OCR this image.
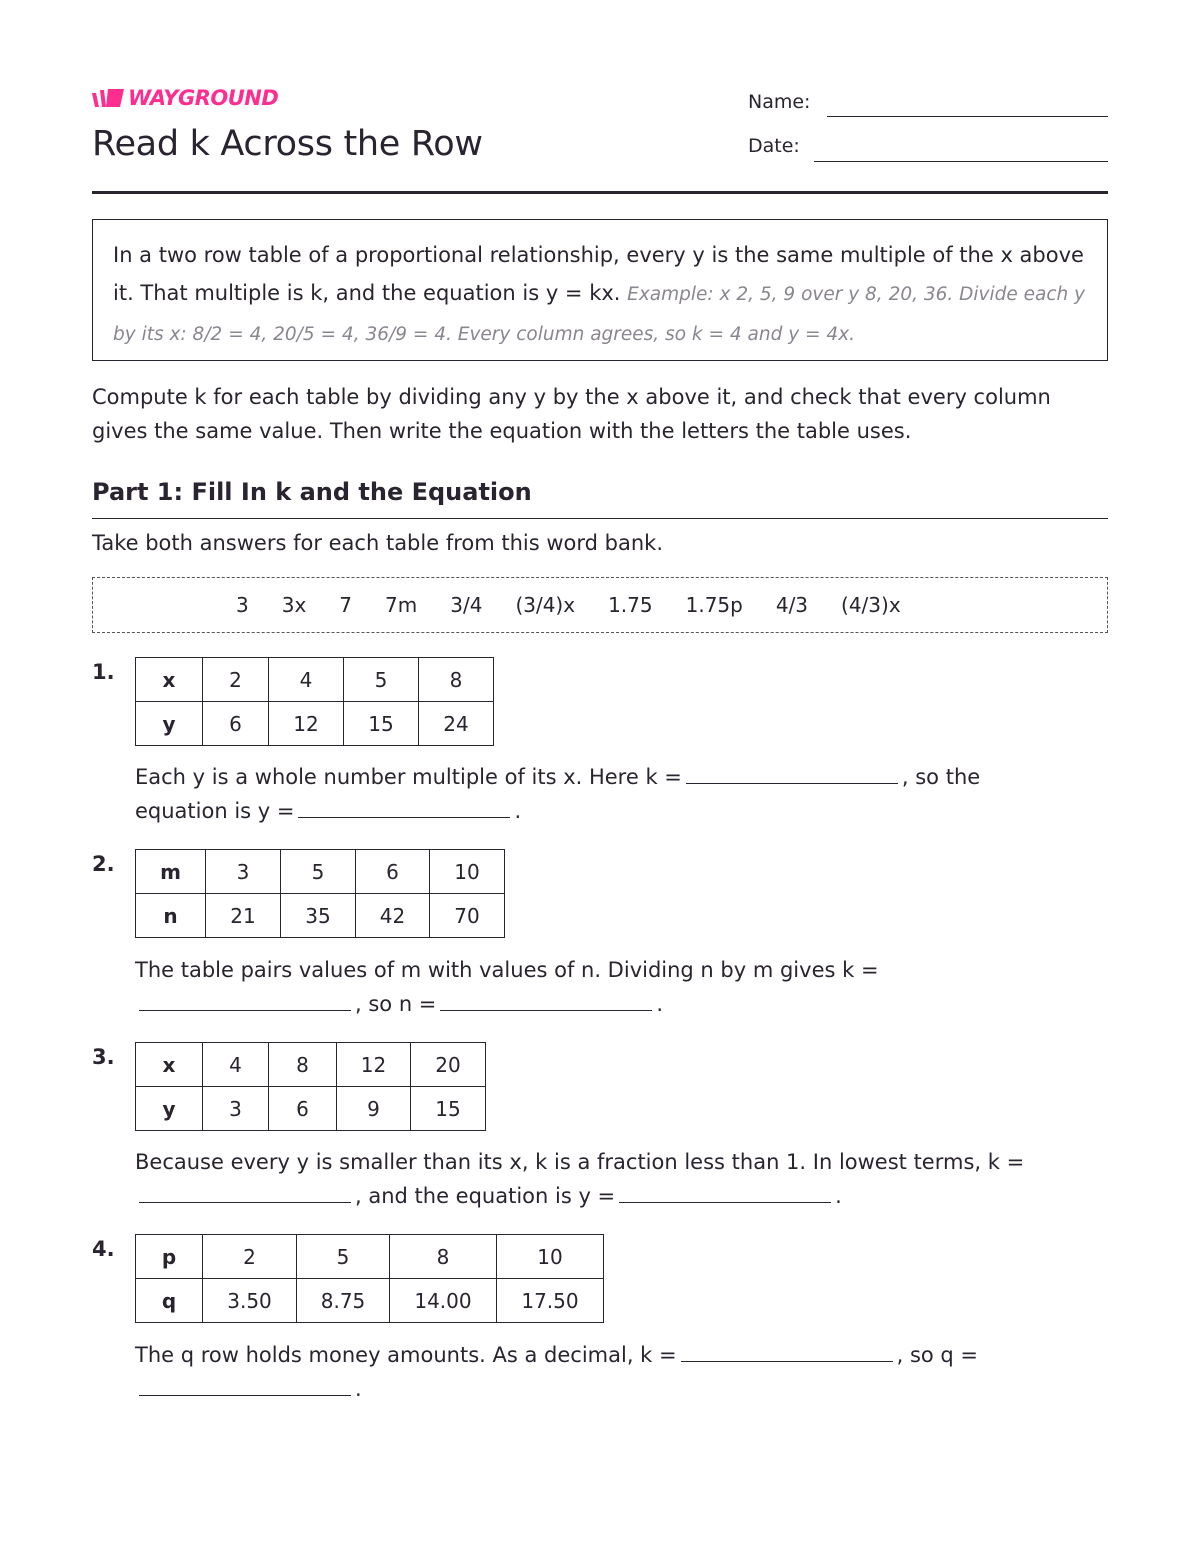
WAYGROUND
Read k Across the Row
Name:
Date:
In a two row table of a proportional relationship, every y is the same multiple of the x above it. That multiple is k, and the equation is y = kx. Example: x 2, 5, 9 over y 8, 20, 36. Divide each y by its x: 8/2 = 4, 20/5 = 4, 36/9 = 4. Every column agrees, so k = 4 and y = 4x.
Compute k for each table by dividing any y by the x above it, and check that every column gives the same value. Then write the equation with the letters the table uses.
Part 1: Fill In k and the Equation
Take both answers for each table from this word bank.
3 3x 7 7m 3/4 (3/4)x 1.75 1.75p 4/3 (4/3)x
1. x	2	4	5	8
y	6	12	15	24
Each y is a whole number multiple of its x. Here k =	, so the equation is y =	.
2. m	3	5	6	10
n	21	35	42	70
The table pairs values of m with values of n. Dividing n by m gives k =
, so n =	.
3. x	4	8	12	20
y	3	6	9	15
Because every y is smaller than its x, k is a fraction less than 1. In lowest terms, k =
, and the equation is y =	.
4. p	2	5	8	10
q	3.50	8.75	14.00	17.50
The q row holds money amounts. As a decimal, k =	, so q =.
